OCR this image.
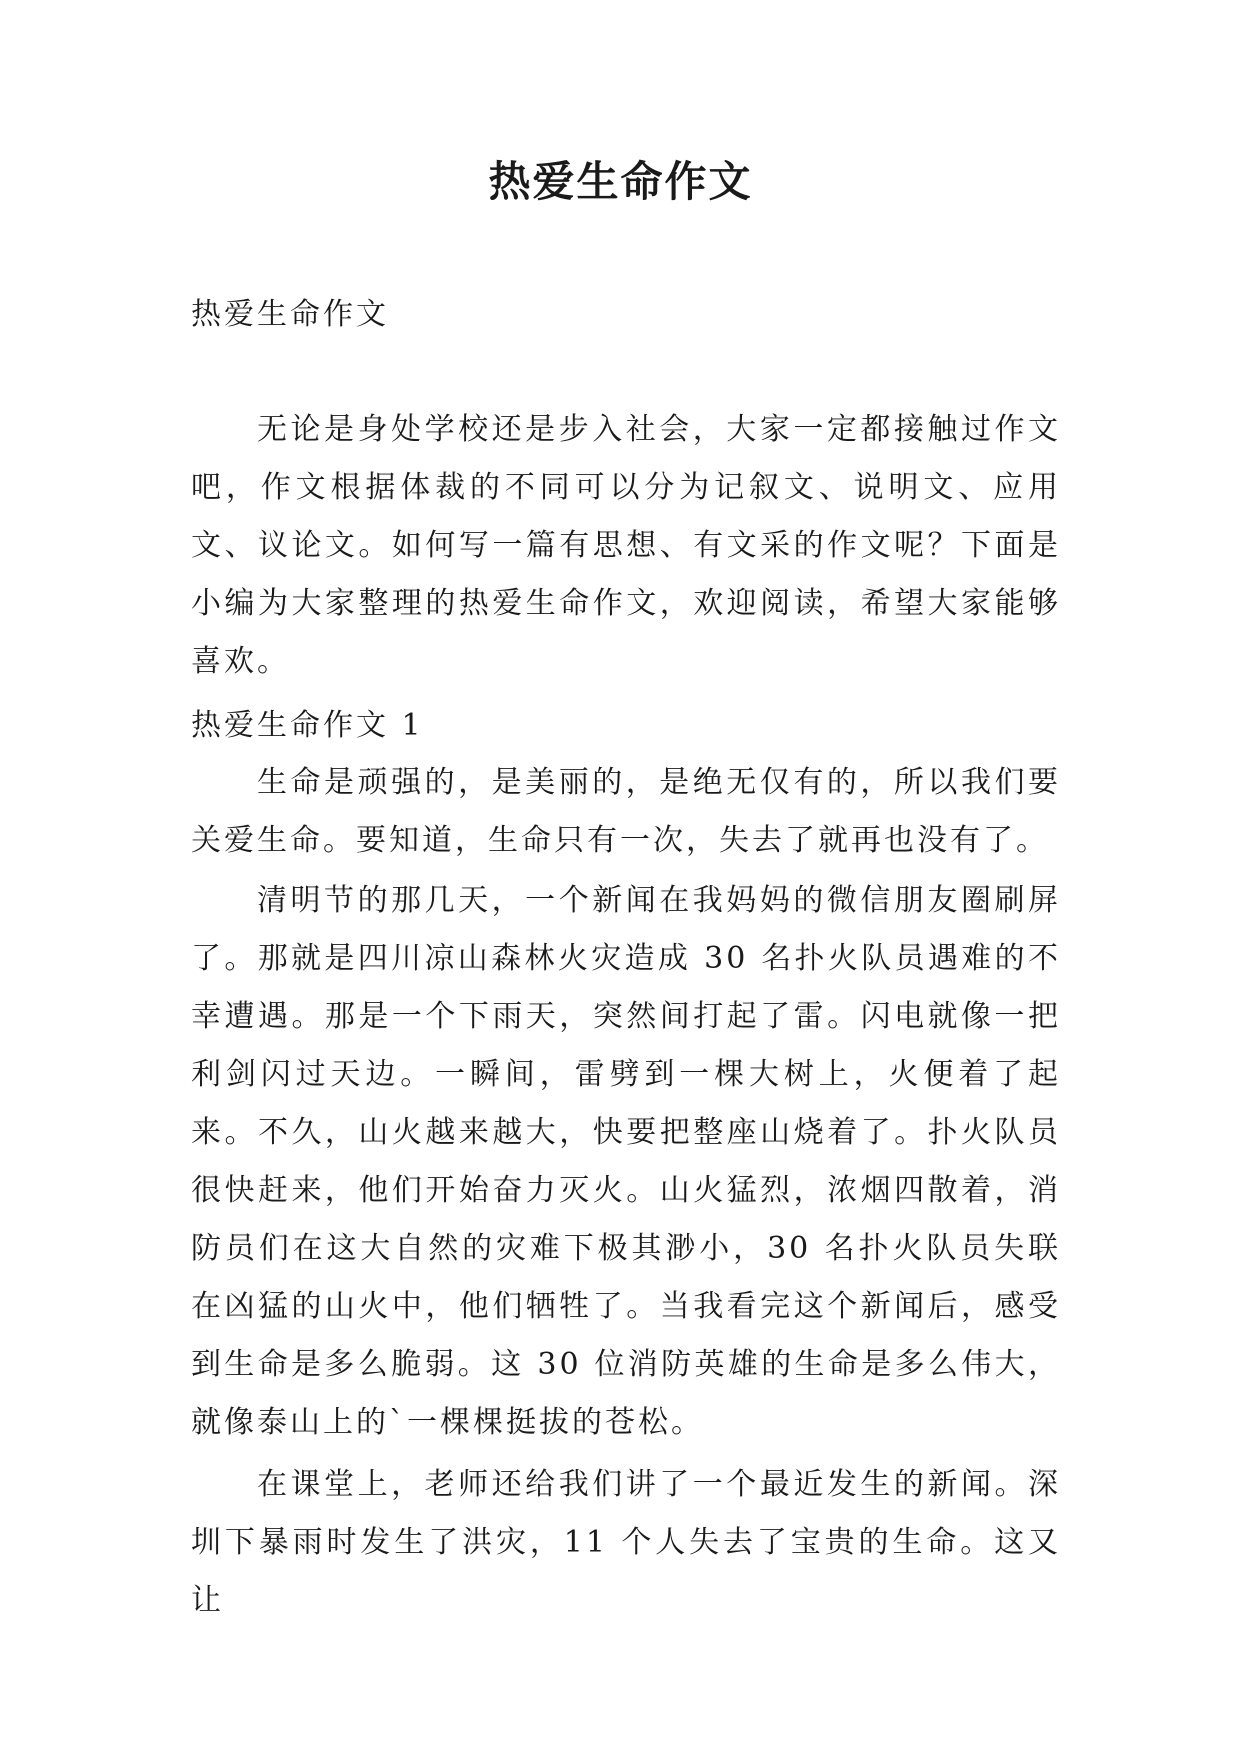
热爱生命作文

热爱生命作文

无论是身处学校还是步入社会，大家一定都接触过作文吧，作文根据体裁的不同可以分为记叙文、说明文、应用文、议论文。如何写一篇有思想、有文采的作文呢？下面是小编为大家整理的热爱生命作文，欢迎阅读，希望大家能够喜欢。

热爱生命作文 1

生命是顽强的，是美丽的，是绝无仅有的，所以我们要关爱生命。要知道，生命只有一次，失去了就再也没有了。

清明节的那几天，一个新闻在我妈妈的微信朋友圈刷屏了。那就是四川凉山森林火灾造成 30 名扑火队员遇难的不幸遭遇。那是一个下雨天，突然间打起了雷。闪电就像一把利剑闪过天边。一瞬间，雷劈到一棵大树上，火便着了起来。不久，山火越来越大，快要把整座山烧着了。扑火队员很快赶来，他们开始奋力灭火。山火猛烈，浓烟四散着，消防员们在这大自然的灾难下极其渺小，30 名扑火队员失联在凶猛的山火中，他们牺牲了。当我看完这个新闻后，感受到生命是多么脆弱。这 30 位消防英雄的生命是多么伟大，就像泰山上的`一棵棵挺拔的苍松。

在课堂上，老师还给我们讲了一个最近发生的新闻。深圳下暴雨时发生了洪灾，11 个人失去了宝贵的生命。这又让
